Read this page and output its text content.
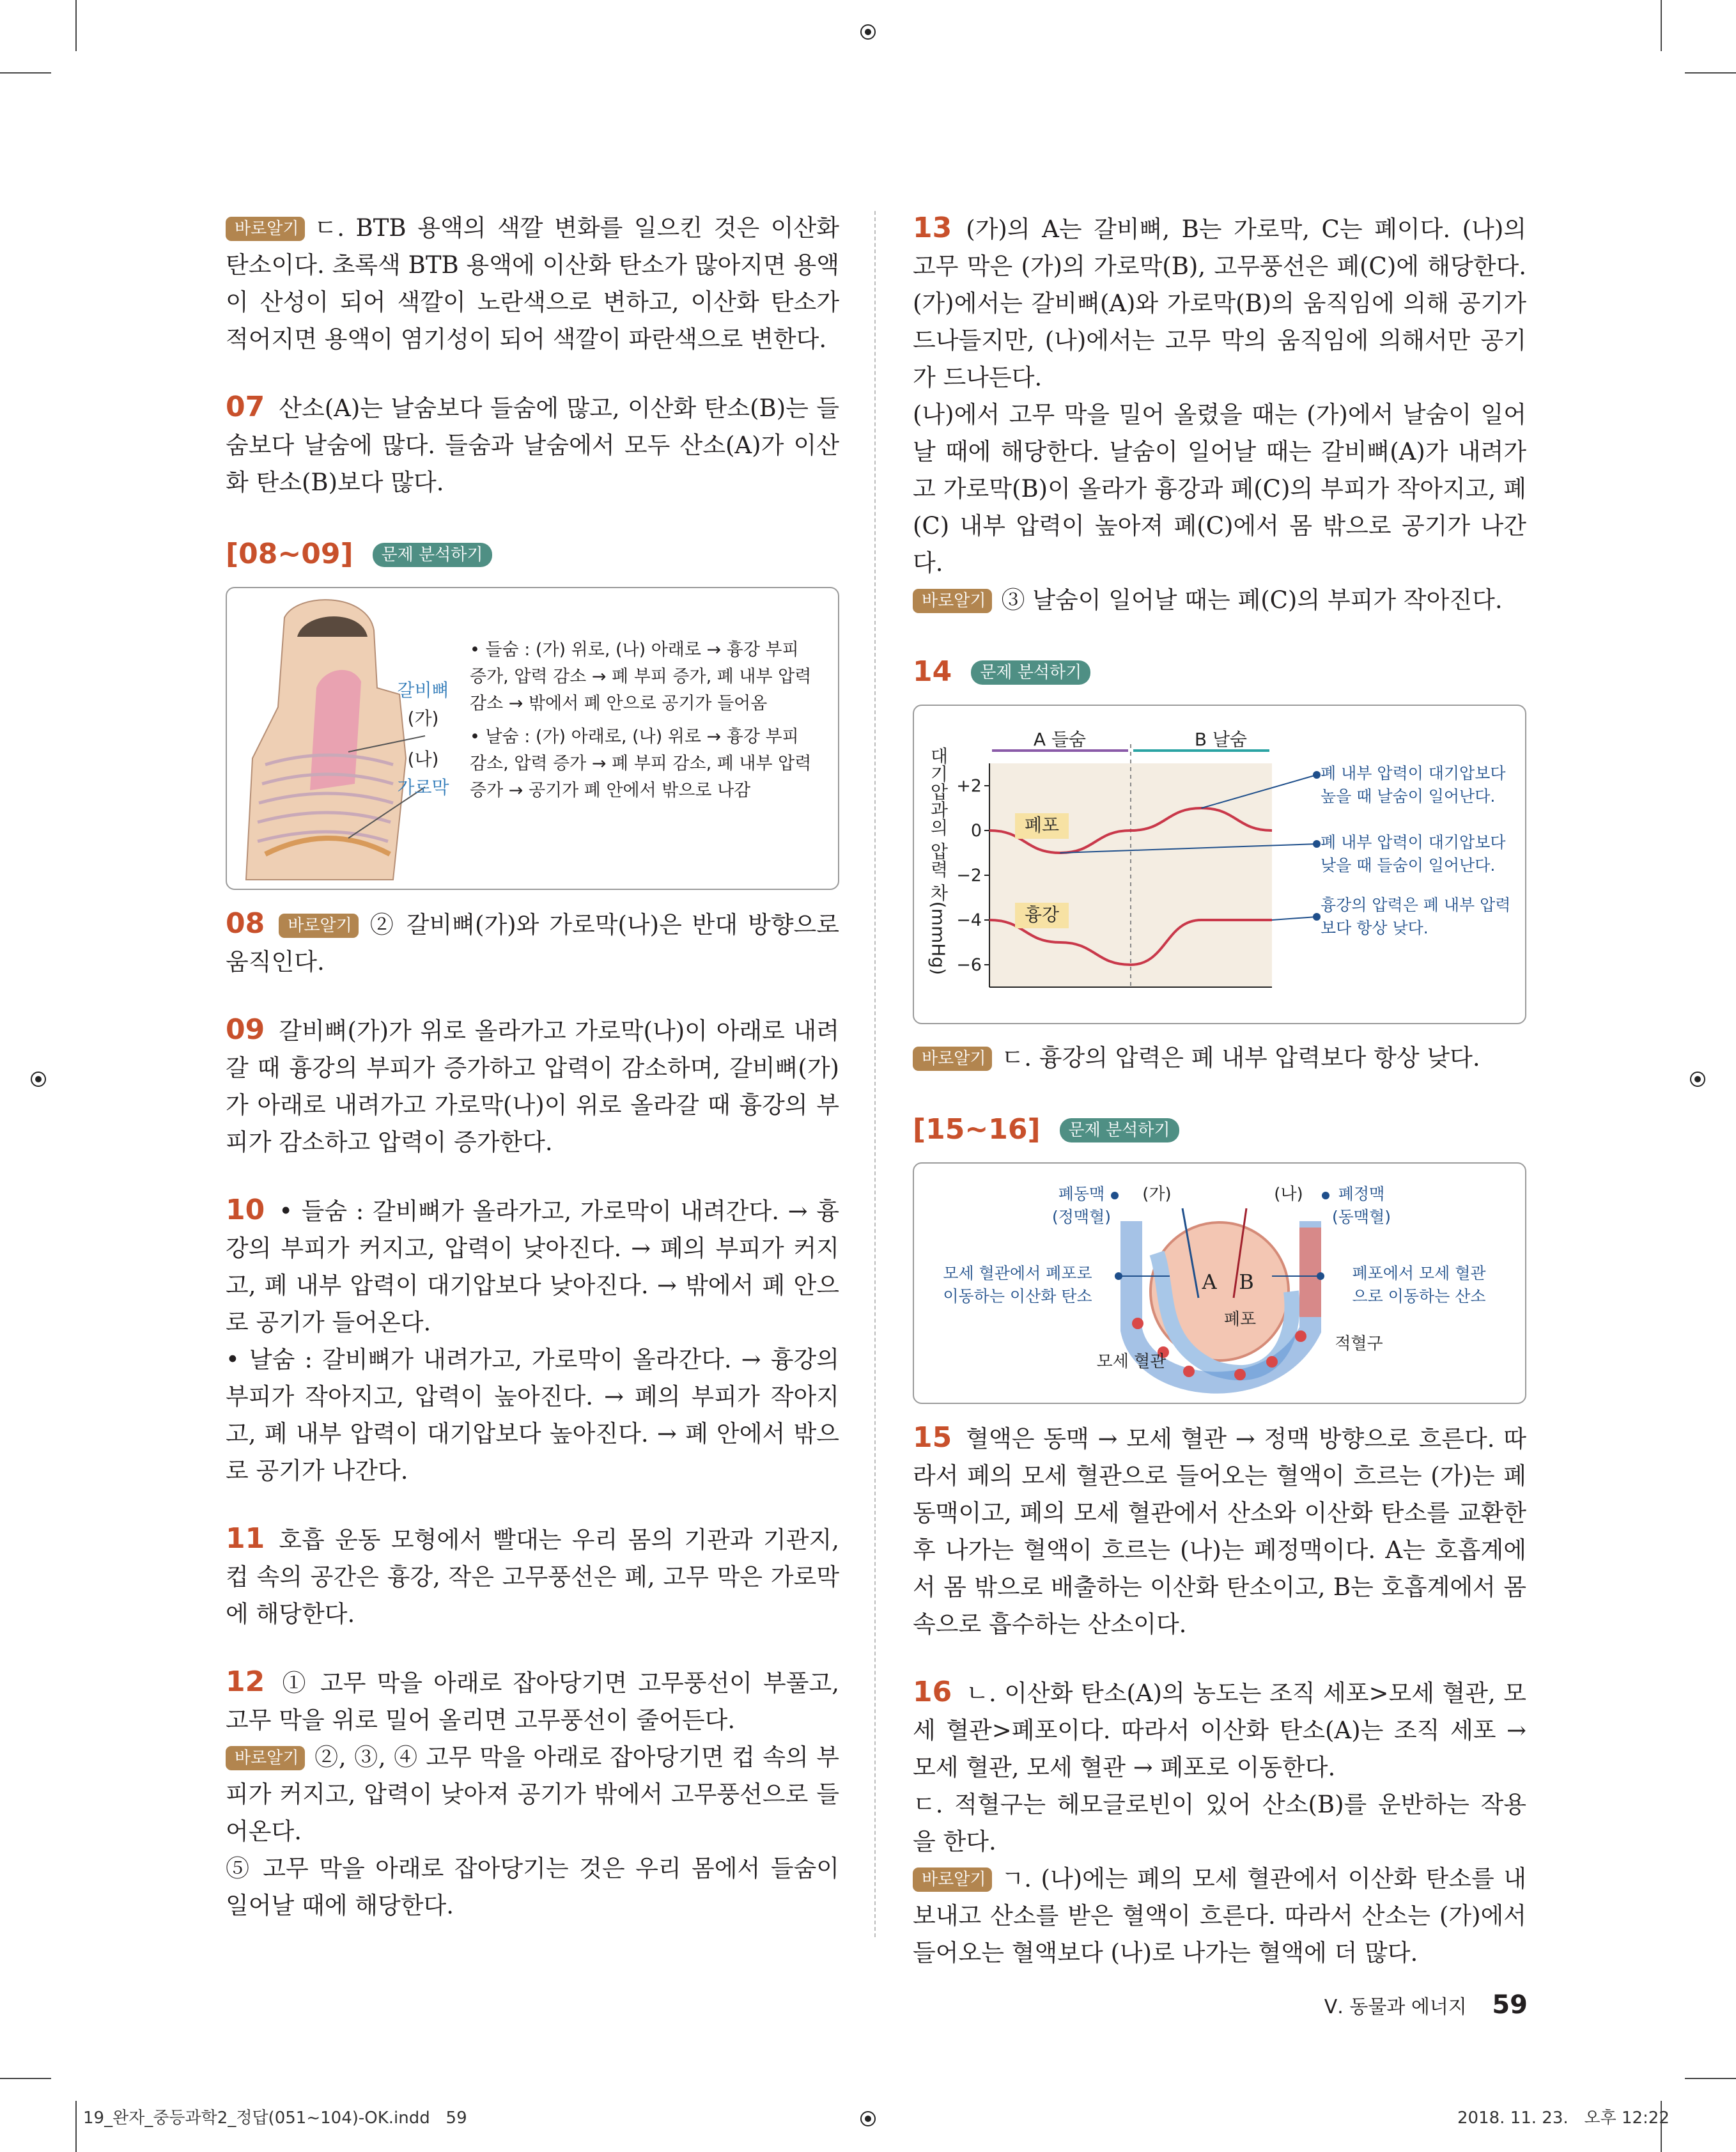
바로알기 ㄷ. BTB 용액의 색깔 변화를 일으킨 것은 이산화 탄소이다. 초록색 BTB 용액에 이산화 탄소가 많아지면 용액이 산성이 되어 색깔이 노란색으로 변하고, 이산화 탄소가 적어지면 용액이 염기성이 되어 색깔이 파란색으로 변한다.

07 산소(A)는 날숨보다 들숨에 많고, 이산화 탄소(B)는 들숨보다 날숨에 많다. 들숨과 날숨에서 모두 산소(A)가 이산화 탄소(B)보다 많다.

[08~09] 문제 분석하기
갈비뼈
(가)
(나)
가로막
• 들숨 : (가) 위로, (나) 아래로 → 흉강 부피 증가, 압력 감소 → 폐 부피 증가, 폐 내부 압력 감소 → 밖에서 폐 안으로 공기가 들어옴
• 날숨 : (가) 아래로, (나) 위로 → 흉강 부피 감소, 압력 증가 → 폐 부피 감소, 폐 내부 압력 증가 → 공기가 폐 안에서 밖으로 나감

08 바로알기 ② 갈비뼈(가)와 가로막(나)은 반대 방향으로 움직인다.

09 갈비뼈(가)가 위로 올라가고 가로막(나)이 아래로 내려갈 때 흉강의 부피가 증가하고 압력이 감소하며, 갈비뼈(가)가 아래로 내려가고 가로막(나)이 위로 올라갈 때 흉강의 부피가 감소하고 압력이 증가한다.

10 • 들숨 : 갈비뼈가 올라가고, 가로막이 내려간다. → 흉강의 부피가 커지고, 압력이 낮아진다. → 폐의 부피가 커지고, 폐 내부 압력이 대기압보다 낮아진다. → 밖에서 폐 안으로 공기가 들어온다.

• 날숨 : 갈비뼈가 내려가고, 가로막이 올라간다. → 흉강의 부피가 작아지고, 압력이 높아진다. → 폐의 부피가 작아지고, 폐 내부 압력이 대기압보다 높아진다. → 폐 안에서 밖으로 공기가 나간다.

11 호흡 운동 모형에서 빨대는 우리 몸의 기관과 기관지, 컵 속의 공간은 흉강, 작은 고무풍선은 폐, 고무 막은 가로막에 해당한다.

12 ① 고무 막을 아래로 잡아당기면 고무풍선이 부풀고, 고무 막을 위로 밀어 올리면 고무풍선이 줄어든다.

바로알기 ②, ③, ④ 고무 막을 아래로 잡아당기면 컵 속의 부피가 커지고, 압력이 낮아져 공기가 밖에서 고무풍선으로 들어온다.

⑤ 고무 막을 아래로 잡아당기는 것은 우리 몸에서 들숨이 일어날 때에 해당한다.

13 (가)의 A는 갈비뼈, B는 가로막, C는 폐이다. (나)의 고무 막은 (가)의 가로막(B), 고무풍선은 폐(C)에 해당한다. (가)에서는 갈비뼈(A)와 가로막(B)의 움직임에 의해 공기가 드나들지만, (나)에서는 고무 막의 움직임에 의해서만 공기가 드나든다.

(나)에서 고무 막을 밀어 올렸을 때는 (가)에서 날숨이 일어날 때에 해당한다. 날숨이 일어날 때는 갈비뼈(A)가 내려가고 가로막(B)이 올라가 흉강과 폐(C)의 부피가 작아지고, 폐(C) 내부 압력이 높아져 폐(C)에서 몸 밖으로 공기가 나간다.

바로알기 ③ 날숨이 일어날 때는 폐(C)의 부피가 작아진다.

14 문제 분석하기
대기압과의 압력 차(mmHg)
A 들숨	B 날숨
+2
0
−2
−4
−6
폐포
흉강
폐 내부 압력이 대기압보다 높을 때 날숨이 일어난다.
폐 내부 압력이 대기압보다 낮을 때 들숨이 일어난다.
흉강의 압력은 폐 내부 압력보다 항상 낮다.

바로알기 ㄷ. 흉강의 압력은 폐 내부 압력보다 항상 낮다.

[15~16] 문제 분석하기
폐동맥
(정맥혈)
(가)	(나) 폐정맥
(동맥혈)
모세 혈관에서 폐포로
이동하는 이산화 탄소
폐포에서 모세 혈관
으로 이동하는 산소
A B
폐포
모세 혈관
적혈구

15 혈액은 동맥 → 모세 혈관 → 정맥 방향으로 흐른다. 따라서 폐의 모세 혈관으로 들어오는 혈액이 흐르는 (가)는 폐동맥이고, 폐의 모세 혈관에서 산소와 이산화 탄소를 교환한 후 나가는 혈액이 흐르는 (나)는 폐정맥이다. A는 호흡계에서 몸 밖으로 배출하는 이산화 탄소이고, B는 호흡계에서 몸속으로 흡수하는 산소이다.

16 ㄴ. 이산화 탄소(A)의 농도는 조직 세포>모세 혈관, 모세 혈관>폐포이다. 따라서 이산화 탄소(A)는 조직 세포 → 모세 혈관, 모세 혈관 → 폐포로 이동한다.

ㄷ. 적혈구는 헤모글로빈이 있어 산소(B)를 운반하는 작용을 한다.

바로알기 ㄱ. (나)에는 폐의 모세 혈관에서 이산화 탄소를 내보내고 산소를 받은 혈액이 흐른다. 따라서 산소는 (가)에서 들어오는 혈액보다 (나)로 나가는 혈액에 더 많다.

Ⅴ. 동물과 에너지 59
19_완자_중등과학2_정답(051~104)-OK.indd   59	2018. 11. 23.   오후 12:22
